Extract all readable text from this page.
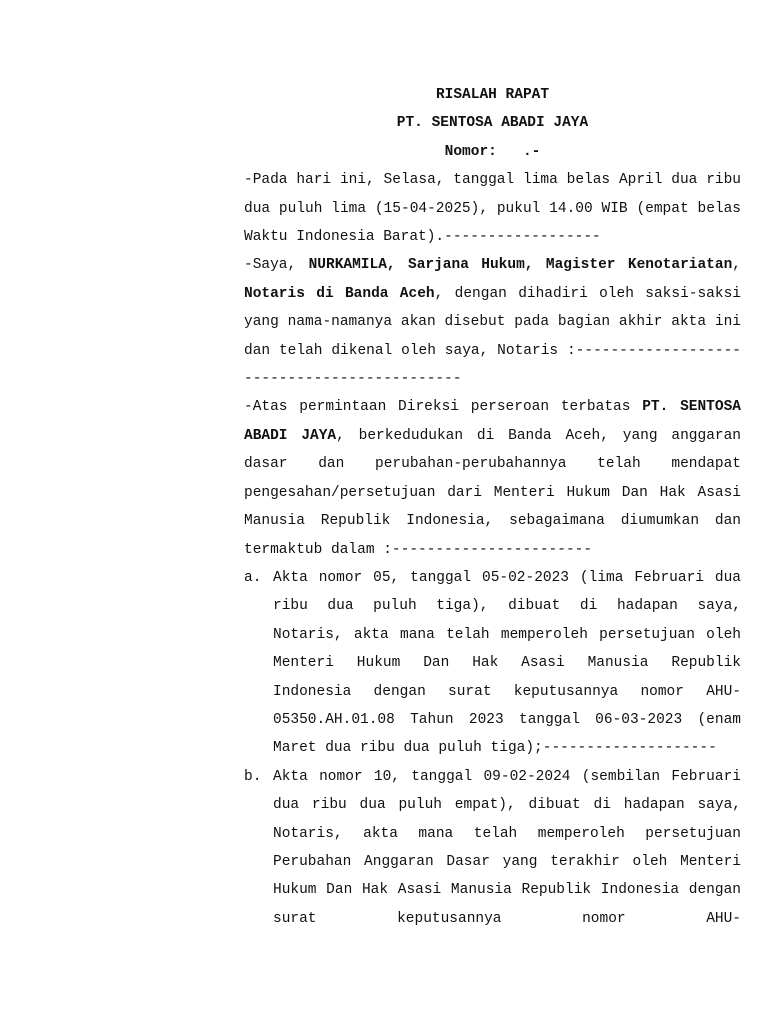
RISALAH RAPAT
PT. SENTOSA ABADI JAYA
Nomor:   .-
-Pada hari ini, Selasa, tanggal lima belas April dua ribu dua puluh lima (15-04-2025), pukul 14.00 WIB (empat belas Waktu Indonesia Barat).------------------
-Saya, NURKAMILA, Sarjana Hukum, Magister Kenotariatan, Notaris di Banda Aceh, dengan dihadiri oleh saksi-saksi yang nama-namanya akan disebut pada bagian akhir akta ini dan telah dikenal oleh saya, Notaris :--------------------------------------------
-Atas permintaan Direksi perseroan terbatas PT. SENTOSA ABADI JAYA, berkedudukan di Banda Aceh, yang anggaran dasar dan perubahan-perubahannya telah mendapat pengesahan/persetujuan dari Menteri Hukum Dan Hak Asasi Manusia Republik Indonesia, sebagaimana diumumkan dan termaktub dalam :-----------------------
a. Akta nomor 05, tanggal 05-02-2023 (lima Februari dua ribu dua puluh tiga), dibuat di hadapan saya, Notaris, akta mana telah memperoleh persetujuan oleh Menteri Hukum Dan Hak Asasi Manusia Republik Indonesia dengan surat keputusannya nomor AHU-05350.AH.01.08 Tahun 2023 tanggal 06-03-2023 (enam Maret dua ribu dua puluh tiga);--------------------
b. Akta nomor 10, tanggal 09-02-2024 (sembilan Februari dua ribu dua puluh empat), dibuat di hadapan saya, Notaris, akta mana telah memperoleh persetujuan Perubahan Anggaran Dasar yang terakhir oleh Menteri Hukum Dan Hak Asasi Manusia Republik Indonesia dengan surat keputusannya nomor AHU-
